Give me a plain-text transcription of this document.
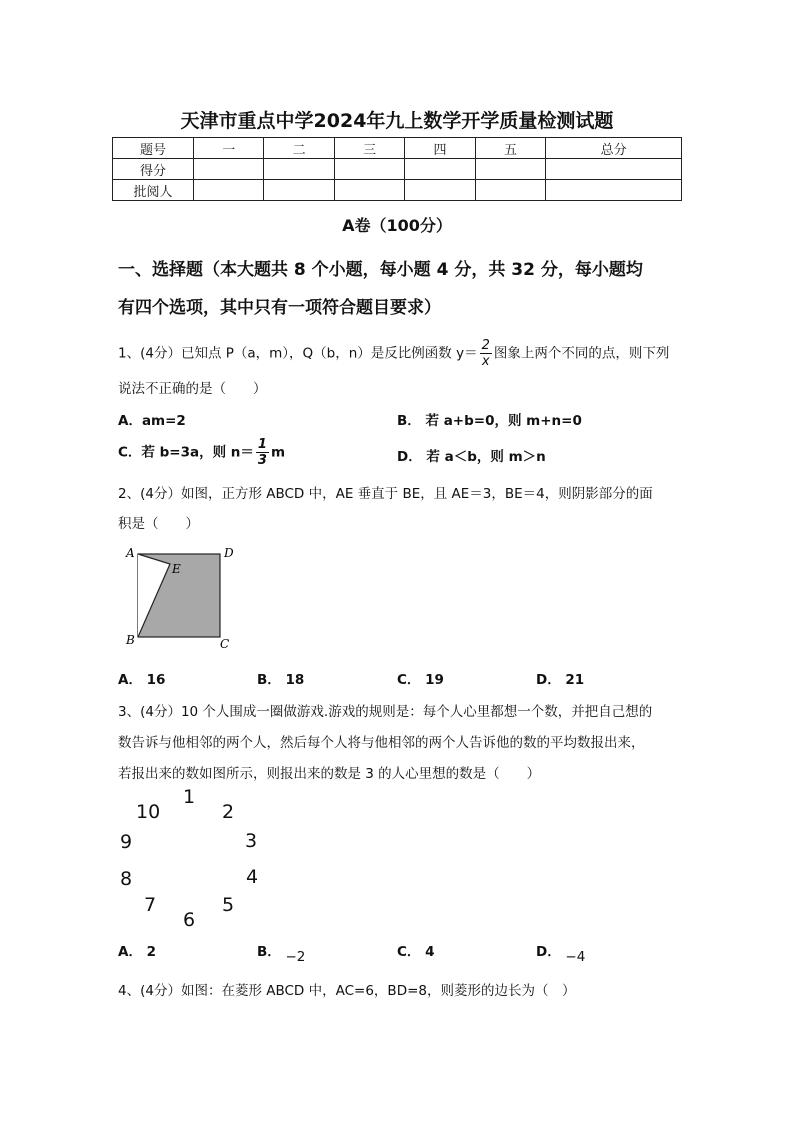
天津市重点中学2024年九上数学开学质量检测试题
题号	一	二	三	四	五	总分
得分						
批阅人						
A卷（100分）
一、选择题（本大题共 8 个小题，每小题 4 分，共 32 分，每小题均
有四个选项，其中只有一项符合题目要求）
1、(4分）已知点 P（a，m），Q（b，n）是反比例函数 $y= \frac{2}{x}$ 图象上两个不同的点，则下列
说法不正确的是（　　）
A．am=2	B． 若 a+b=0，则 m+n=0
C．若 b=3a，则 $n= \frac{1}{3}$ m	D． 若 a＜b，则 m＞n
2、(4分）如图，正方形 ABCD 中，AE 垂直于 BE，且 AE＝3，BE＝4，则阴影部分的面
积是（　　）
A	D
E
B	C
A． 16	B． 18	C． 19	D． 21
3、(4分）10 个人围成一圈做游戏.游戏的规则是：每个人心里都想一个数，并把自己想的
数告诉与他相邻的两个人，然后每个人将与他相邻的两个人告诉他的数的平均数报出来，
若报出来的数如图所示，则报出来的数是 3 的人心里想的数是（　　）
1
2
3
4
5
6
7
8
9
10
A． 2	B． −2	C． 4	D． −4
4、(4分）如图：在菱形 ABCD 中，AC=6，BD=8，则菱形的边长为（　）
